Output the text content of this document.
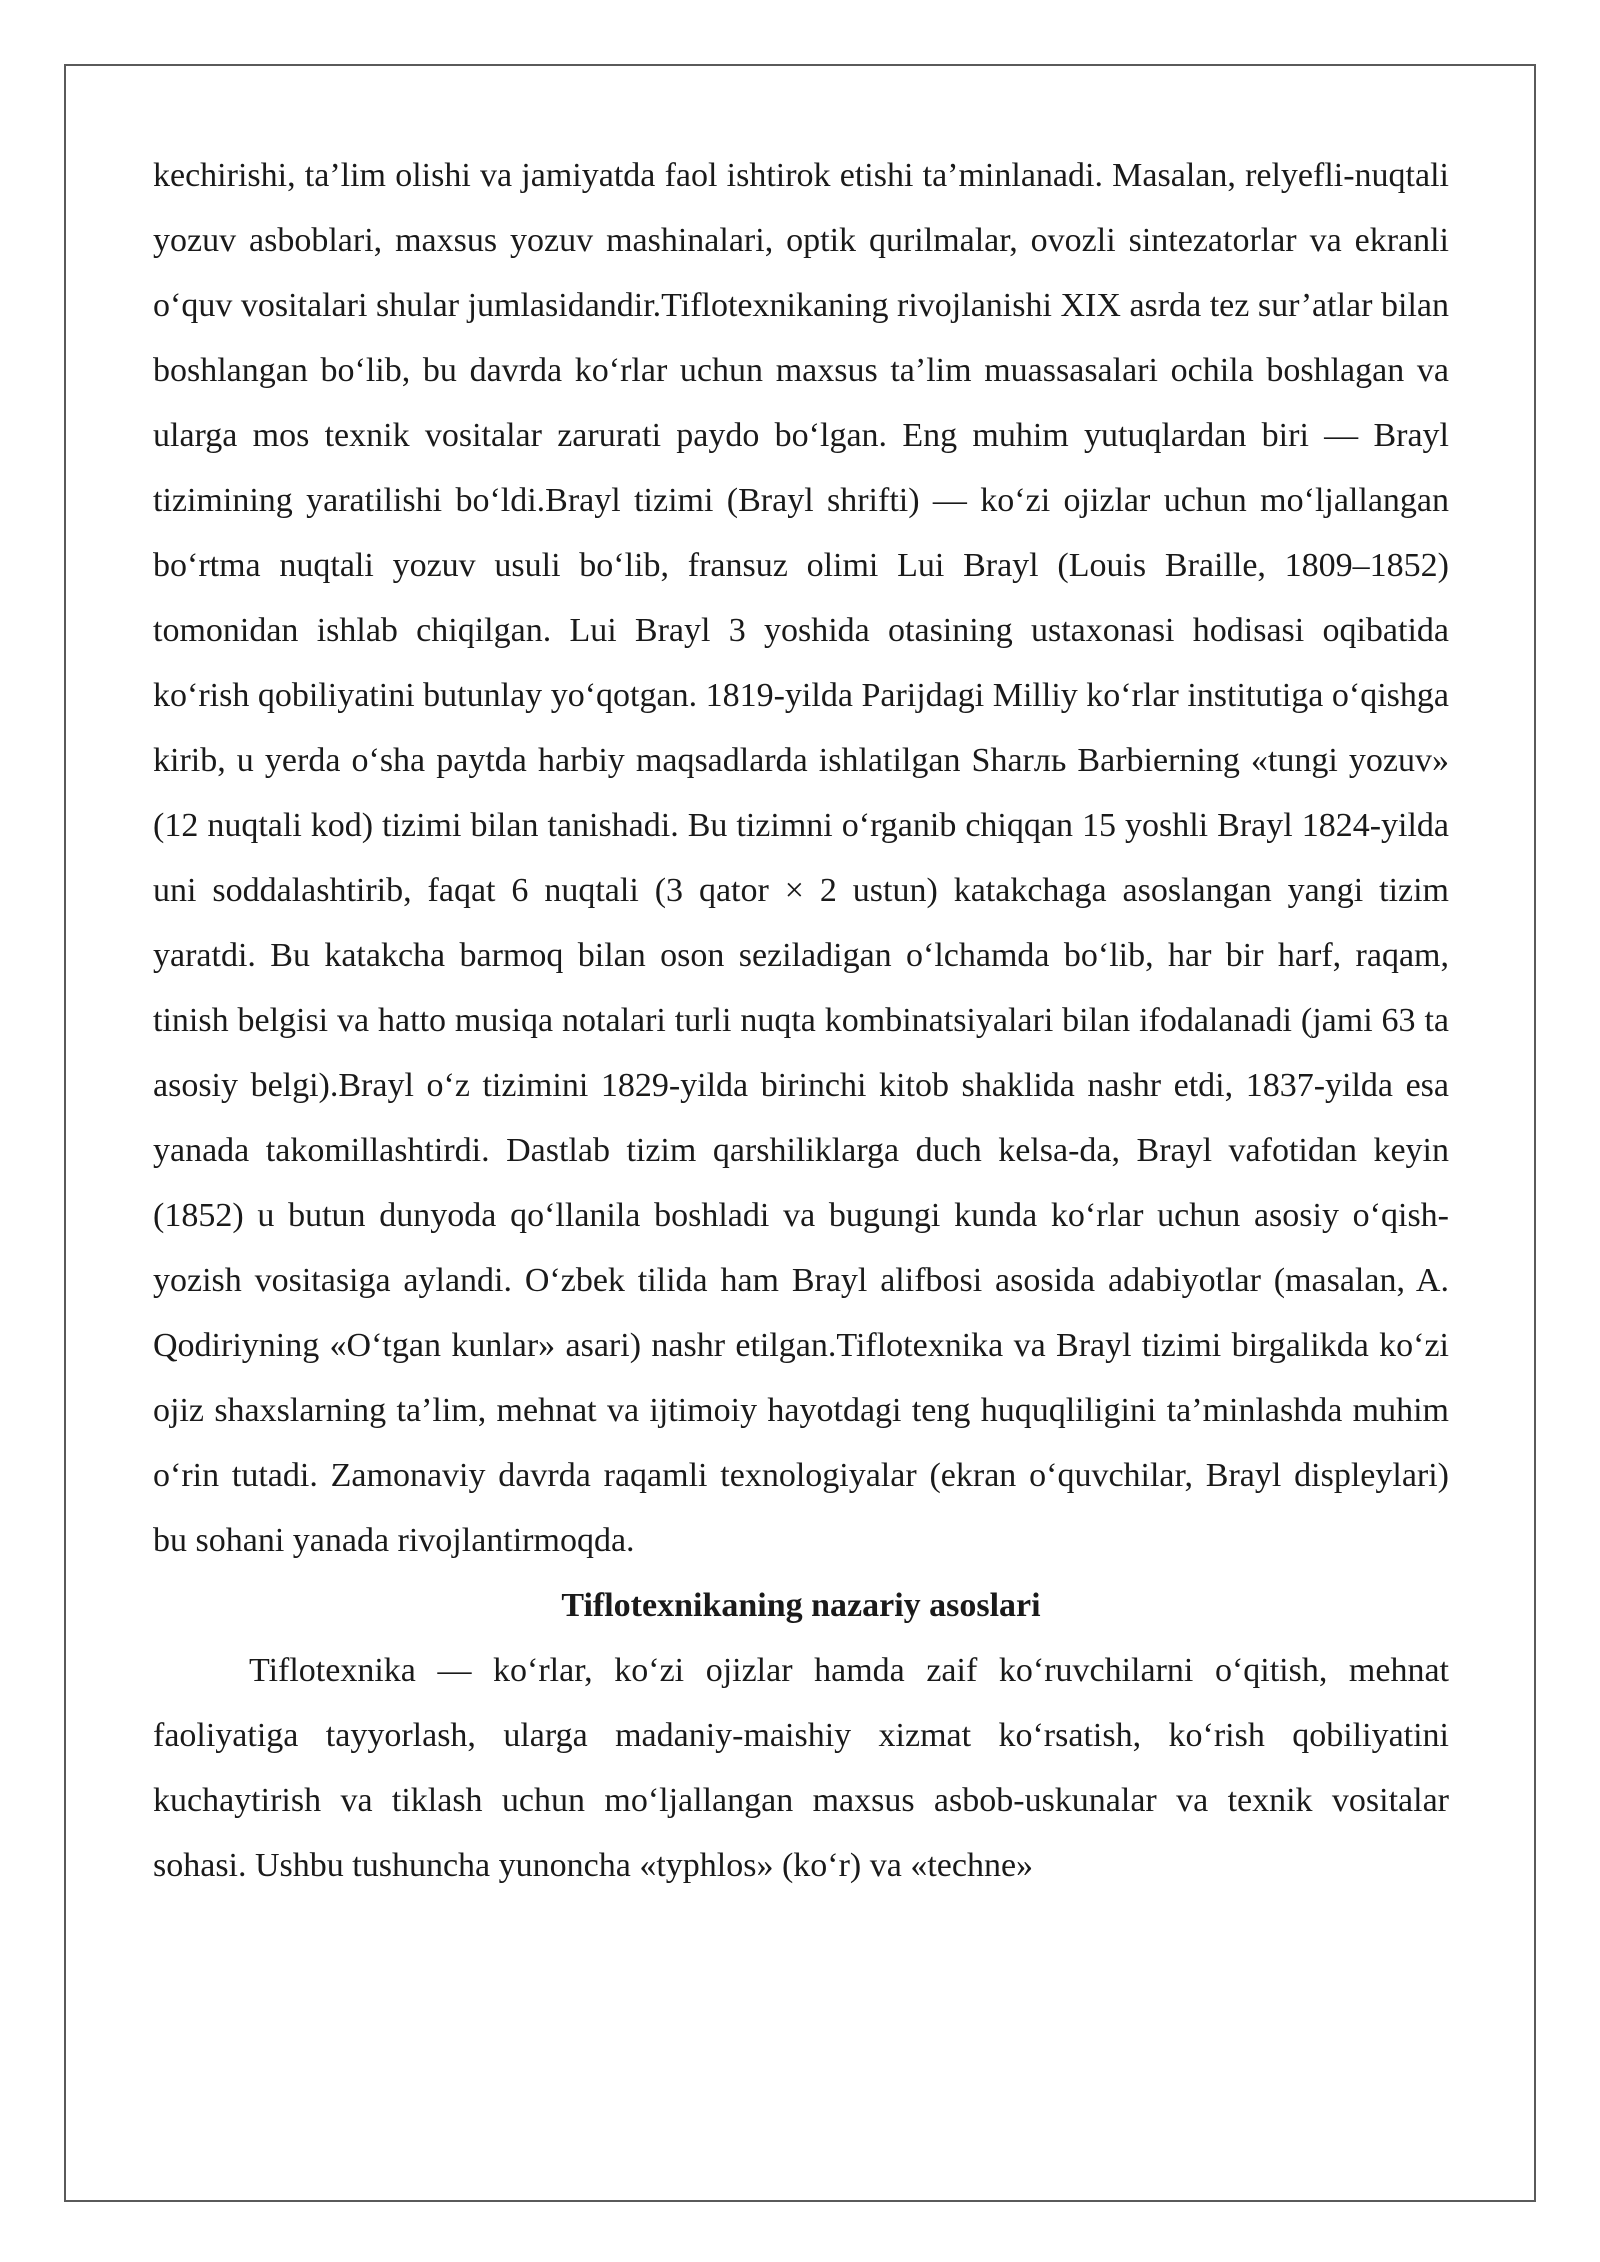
kechirishi, ta’lim olishi va jamiyatda faol ishtirok etishi ta’minlanadi. Masalan, relyefli-nuqtali yozuv asboblari, maxsus yozuv mashinalari, optik qurilmalar, ovozli sintezatorlar va ekranli oʻquv vositalari shular jumlasidandir.Tiflotexnikaning rivojlanishi XIX asrda tez sur’atlar bilan boshlangan boʻlib, bu davrda koʻrlar uchun maxsus ta’lim muassasalari ochila boshlagan va ularga mos texnik vositalar zarurati paydo boʻlgan. Eng muhim yutuqlardan biri — Brayl tizimining yaratilishi boʻldi.Brayl tizimi (Brayl shrifti) — koʻzi ojizlar uchun moʻljallangan boʻrtma nuqtali yozuv usuli boʻlib, fransuz olimi Lui Brayl (Louis Braille, 1809–1852) tomonidan ishlab chiqilgan. Lui Brayl 3 yoshida otasining ustaxonasi hodisasi oqibatida koʻrish qobiliyatini butunlay yoʻqotgan. 1819-yilda Parijdagi Milliy koʻrlar institutiga oʻqishga kirib, u yerda oʻsha paytda harbiy maqsadlarda ishlatilgan Sharль Barbierning «tungi yozuv» (12 nuqtali kod) tizimi bilan tanishadi. Bu tizimni oʻrganib chiqqan 15 yoshli Brayl 1824-yilda uni soddalashtirib, faqat 6 nuqtali (3 qator × 2 ustun) katakchaga asoslangan yangi tizim yaratdi. Bu katakcha barmoq bilan oson seziladigan oʻlchamda boʻlib, har bir harf, raqam, tinish belgisi va hatto musiqa notalari turli nuqta kombinatsiyalari bilan ifodalanadi (jami 63 ta asosiy belgi).Brayl oʻz tizimini 1829-yilda birinchi kitob shaklida nashr etdi, 1837-yilda esa yanada takomillashtirdi. Dastlab tizim qarshiliklarga duch kelsa-da, Brayl vafotidan keyin (1852) u butun dunyoda qoʻllanila boshladi va bugungi kunda koʻrlar uchun asosiy oʻqish-yozish vositasiga aylandi. Oʻzbek tilida ham Brayl alifbosi asosida adabiyotlar (masalan, A. Qodiriyning «Oʻtgan kunlar» asari) nashr etilgan.Tiflotexnika va Brayl tizimi birgalikda koʻzi ojiz shaxslarning ta’lim, mehnat va ijtimoiy hayotdagi teng huquqliligini ta’minlashda muhim oʻrin tutadi. Zamonaviy davrda raqamli texnologiyalar (ekran oʻquvchilar, Brayl displeylari) bu sohani yanada rivojlantirmoqda.

Tiflotexnikaning nazariy asoslari

Tiflotexnika — koʻrlar, koʻzi ojizlar hamda zaif koʻruvchilarni oʻqitish, mehnat faoliyatiga tayyorlash, ularga madaniy-maishiy xizmat koʻrsatish, koʻrish qobiliyatini kuchaytirish va tiklash uchun moʻljallangan maxsus asbob-uskunalar va texnik vositalar sohasi. Ushbu tushuncha yunoncha «typhlos» (koʻr) va «techne»
